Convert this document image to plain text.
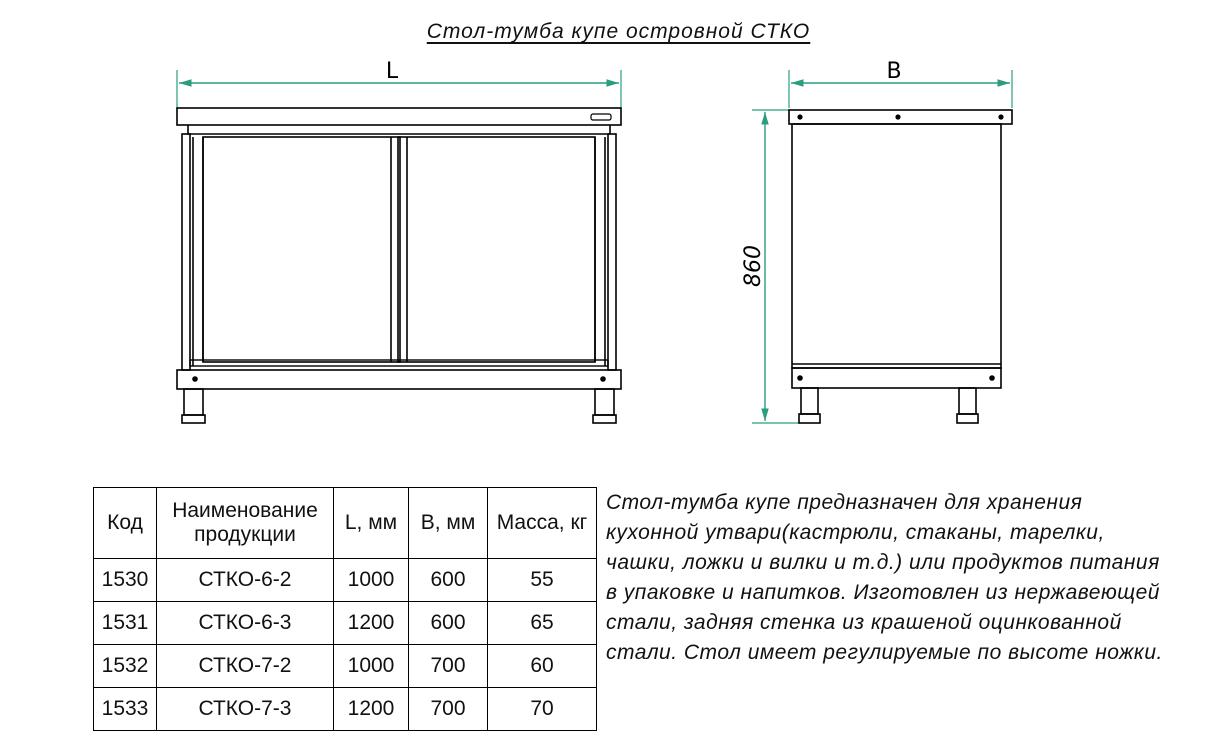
Стол-тумба купе островной СТКО
L	B
860
Код	Наименование продукции	L, мм	B, мм	Масса, кг
1530	СТКО-6-2	1000	600	55
1531	СТКО-6-3	1200	600	65
1532	СТКО-7-2	1000	700	60
1533	СТКО-7-3	1200	700	70

Стол-тумба купе предназначен для хранения кухонной утвари(кастрюли, стаканы, тарелки, чашки, ложки и вилки и т.д.) или продуктов питания в упаковке и напитков. Изготовлен из нержавеющей стали, задняя стенка из крашеной оцинкованной стали. Стол имеет регулируемые по высоте ножки.
